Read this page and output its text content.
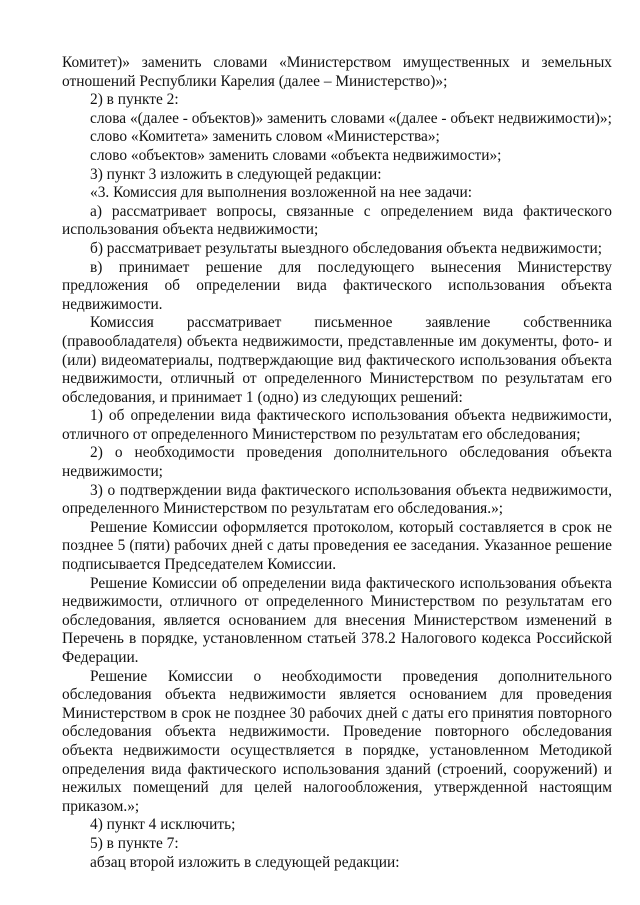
Комитет)» заменить словами «Министерством имущественных и земельных отношений Республики Карелия (далее – Министерство)»;

2) в пункте 2:

слова «(далее - объектов)» заменить словами «(далее - объект недвижимости)»;

слово «Комитета» заменить словом «Министерства»;

слово «объектов» заменить словами «объекта недвижимости»;

3) пункт 3 изложить в следующей редакции:

«3. Комиссия для выполнения возложенной на нее задачи:

а) рассматривает вопросы, связанные с определением вида фактического использования объекта недвижимости;

б) рассматривает результаты выездного обследования объекта недвижимости;

в) принимает решение для последующего вынесения Министерству предложения об определении вида фактического использования объекта недвижимости.

Комиссия рассматривает письменное заявление собственника (правообладателя) объекта недвижимости, представленные им документы, фото- и (или) видеоматериалы, подтверждающие вид фактического использования объекта недвижимости, отличный от определенного Министерством по результатам его обследования, и принимает 1 (одно) из следующих решений:

1) об определении вида фактического использования объекта недвижимости, отличного от определенного Министерством по результатам его обследования;

2) о необходимости проведения дополнительного обследования объекта недвижимости;

3) о подтверждении вида фактического использования объекта недвижимости, определенного Министерством по результатам его обследования.»;

Решение Комиссии оформляется протоколом, который составляется в срок не позднее 5 (пяти) рабочих дней с даты проведения ее заседания. Указанное решение подписывается Председателем Комиссии.

Решение Комиссии об определении вида фактического использования объекта недвижимости, отличного от определенного Министерством по результатам его обследования, является основанием для внесения Министерством изменений в Перечень в порядке, установленном статьей 378.2 Налогового кодекса Российской Федерации.

Решение Комиссии о необходимости проведения дополнительного обследования объекта недвижимости является основанием для проведения Министерством в срок не позднее 30 рабочих дней с даты его принятия повторного обследования объекта недвижимости. Проведение повторного обследования объекта недвижимости осуществляется в порядке, установленном Методикой определения вида фактического использования зданий (строений, сооружений) и нежилых помещений для целей налогообложения, утвержденной настоящим приказом.»;

4) пункт 4 исключить;

5) в пункте 7:

абзац второй изложить в следующей редакции:
